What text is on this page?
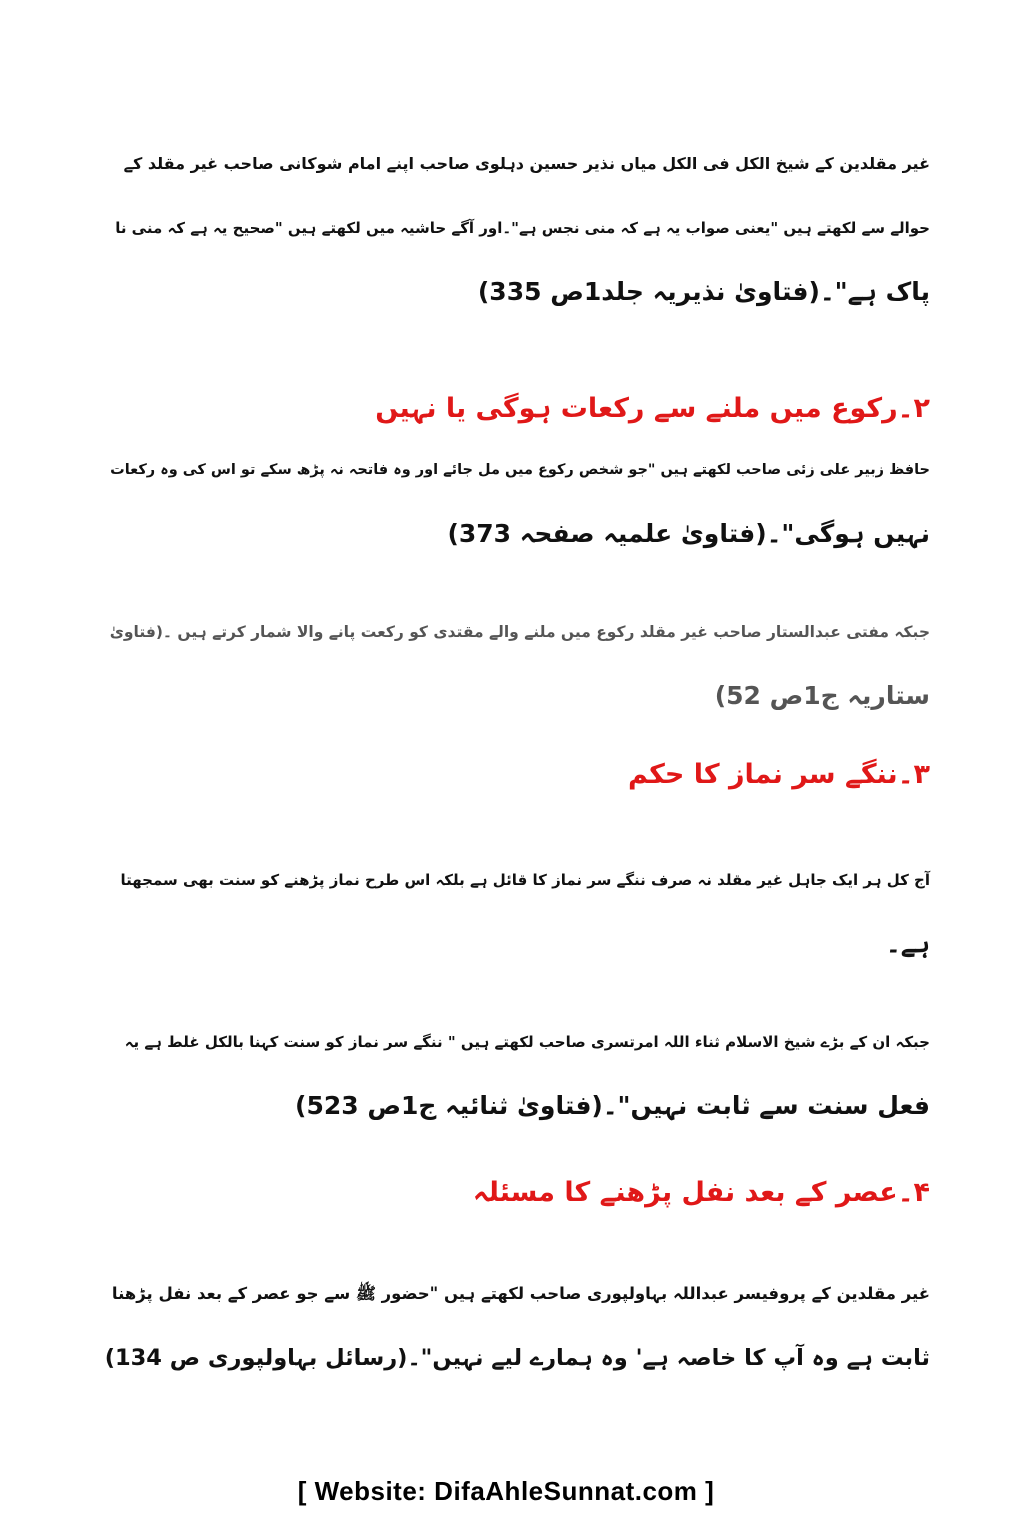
غیر مقلدین کے شیخ الکل فی الکل میاں نذیر حسین دہلوی صاحب اپنے امام شوکانی صاحب غیر مقلد کے
حوالے سے لکھتے ہیں "یعنی صواب یہ ہے کہ منی نجس ہے"۔اور آگے حاشیہ میں لکھتے ہیں "صحیح یہ ہے کہ منی نا
پاک ہے"۔(فتاویٰ نذیریہ جلد1ص 335)

۲۔رکوع میں ملنے سے رکعات ہوگی یا نہیں

حافظ زبیر علی زئی صاحب لکھتے ہیں "جو شخص رکوع میں مل جائے اور وہ فاتحہ نہ پڑھ سکے تو اس کی وہ رکعات
نہیں ہوگی"۔(فتاویٰ علمیہ صفحہ 373)

جبکہ مفتی عبدالستار صاحب غیر مقلد رکوع میں ملنے والے مقتدی کو رکعت پانے والا شمار کرتے ہیں ۔(فتاویٰ
ستاریہ ج1ص 52)

۳۔ننگے سر نماز کا حکم

آج کل ہر ایک جاہل غیر مقلد نہ صرف ننگے سر نماز کا قائل ہے بلکہ اس طرح نماز پڑھنے کو سنت بھی سمجھتا
ہے۔

جبکہ ان کے بڑے شیخ الاسلام ثناء اللہ امرتسری صاحب لکھتے ہیں " ننگے سر نماز کو سنت کہنا بالکل غلط ہے یہ
فعل سنت سے ثابت نہیں"۔(فتاویٰ ثنائیہ ج1ص 523)

۴۔عصر کے بعد نفل پڑھنے کا مسئلہ

غیر مقلدین کے پروفیسر عبداللہ بہاولپوری صاحب لکھتے ہیں "حضور ﷺ سے جو عصر کے بعد نفل پڑھنا
ثابت ہے وہ آپ کا خاصہ ہے' وہ ہمارے لیے نہیں"۔(رسائل بہاولپوری ص 134)

[ Website: DifaAhleSunnat.com ]
